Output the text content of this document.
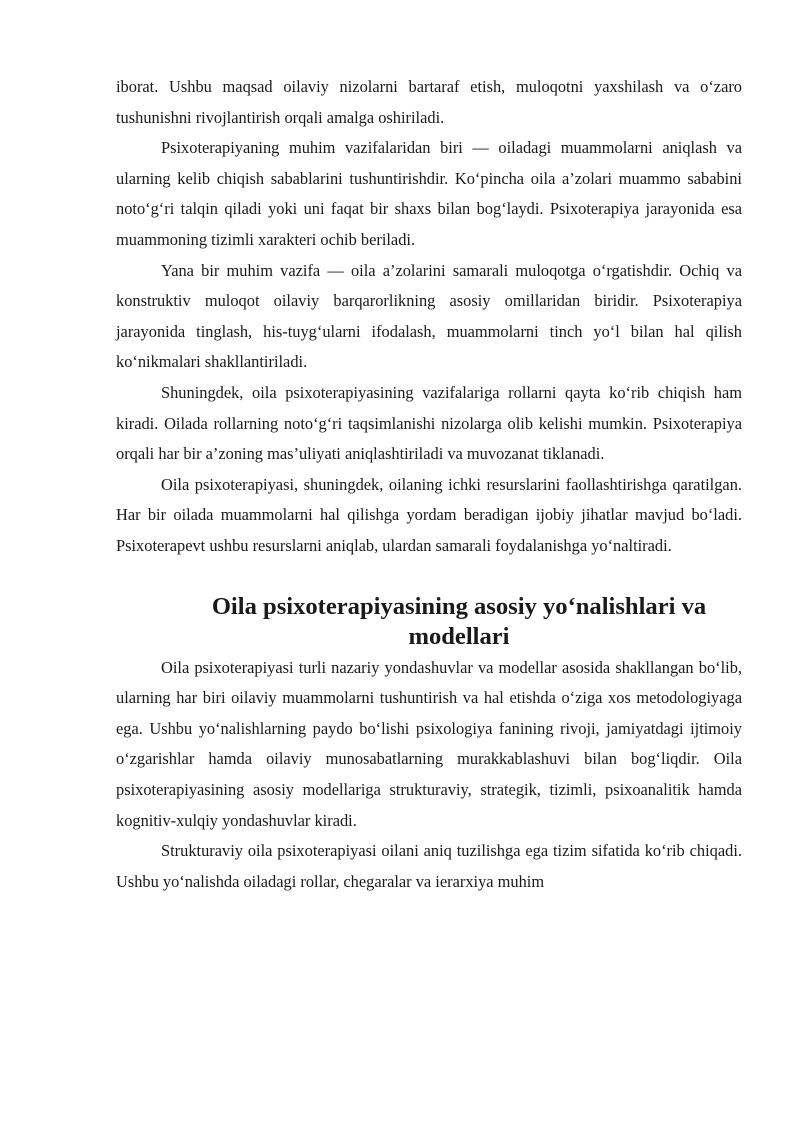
iborat. Ushbu maqsad oilaviy nizolarni bartaraf etish, muloqotni yaxshilash va o‘zaro tushunishni rivojlantirish orqali amalga oshiriladi.

Psixoterapiyaning muhim vazifalaridan biri — oiladagi muammolarni aniqlash va ularning kelib chiqish sabablarini tushuntirishdir. Ko‘pincha oila a’zolari muammo sababini noto‘g‘ri talqin qiladi yoki uni faqat bir shaxs bilan bog‘laydi. Psixoterapiya jarayonida esa muammoning tizimli xarakteri ochib beriladi.

Yana bir muhim vazifa — oila a’zolarini samarali muloqotga o‘rgatishdir. Ochiq va konstruktiv muloqot oilaviy barqarorlikning asosiy omillaridan biridir. Psixoterapiya jarayonida tinglash, his-tuyg‘ularni ifodalash, muammolarni tinch yo‘l bilan hal qilish ko‘nikmalari shakllantiriladi.

Shuningdek, oila psixoterapiyasining vazifalariga rollarni qayta ko‘rib chiqish ham kiradi. Oilada rollarning noto‘g‘ri taqsimlanishi nizolarga olib kelishi mumkin. Psixoterapiya orqali har bir a’zoning mas’uliyati aniqlashtiriladi va muvozanat tiklanadi.

Oila psixoterapiyasi, shuningdek, oilaning ichki resurslarini faollashtirishga qaratilgan. Har bir oilada muammolarni hal qilishga yordam beradigan ijobiy jihatlar mavjud bo‘ladi. Psixoterapevt ushbu resurslarni aniqlab, ulardan samarali foydalanishga yo‘naltiradi.

Oila psixoterapiyasining asosiy yo‘nalishlari va modellari

Oila psixoterapiyasi turli nazariy yondashuvlar va modellar asosida shakllangan bo‘lib, ularning har biri oilaviy muammolarni tushuntirish va hal etishda o‘ziga xos metodologiyaga ega. Ushbu yo‘nalishlarning paydo bo‘lishi psixologiya fanining rivoji, jamiyatdagi ijtimoiy o‘zgarishlar hamda oilaviy munosabatlarning murakkablashuvi bilan bog‘liqdir. Oila psixoterapiyasining asosiy modellariga strukturaviy, strategik, tizimli, psixoanalitik hamda kognitiv-xulqiy yondashuvlar kiradi.

Strukturaviy oila psixoterapiyasi oilani aniq tuzilishga ega tizim sifatida ko‘rib chiqadi. Ushbu yo‘nalishda oiladagi rollar, chegaralar va ierarxiya muhim
